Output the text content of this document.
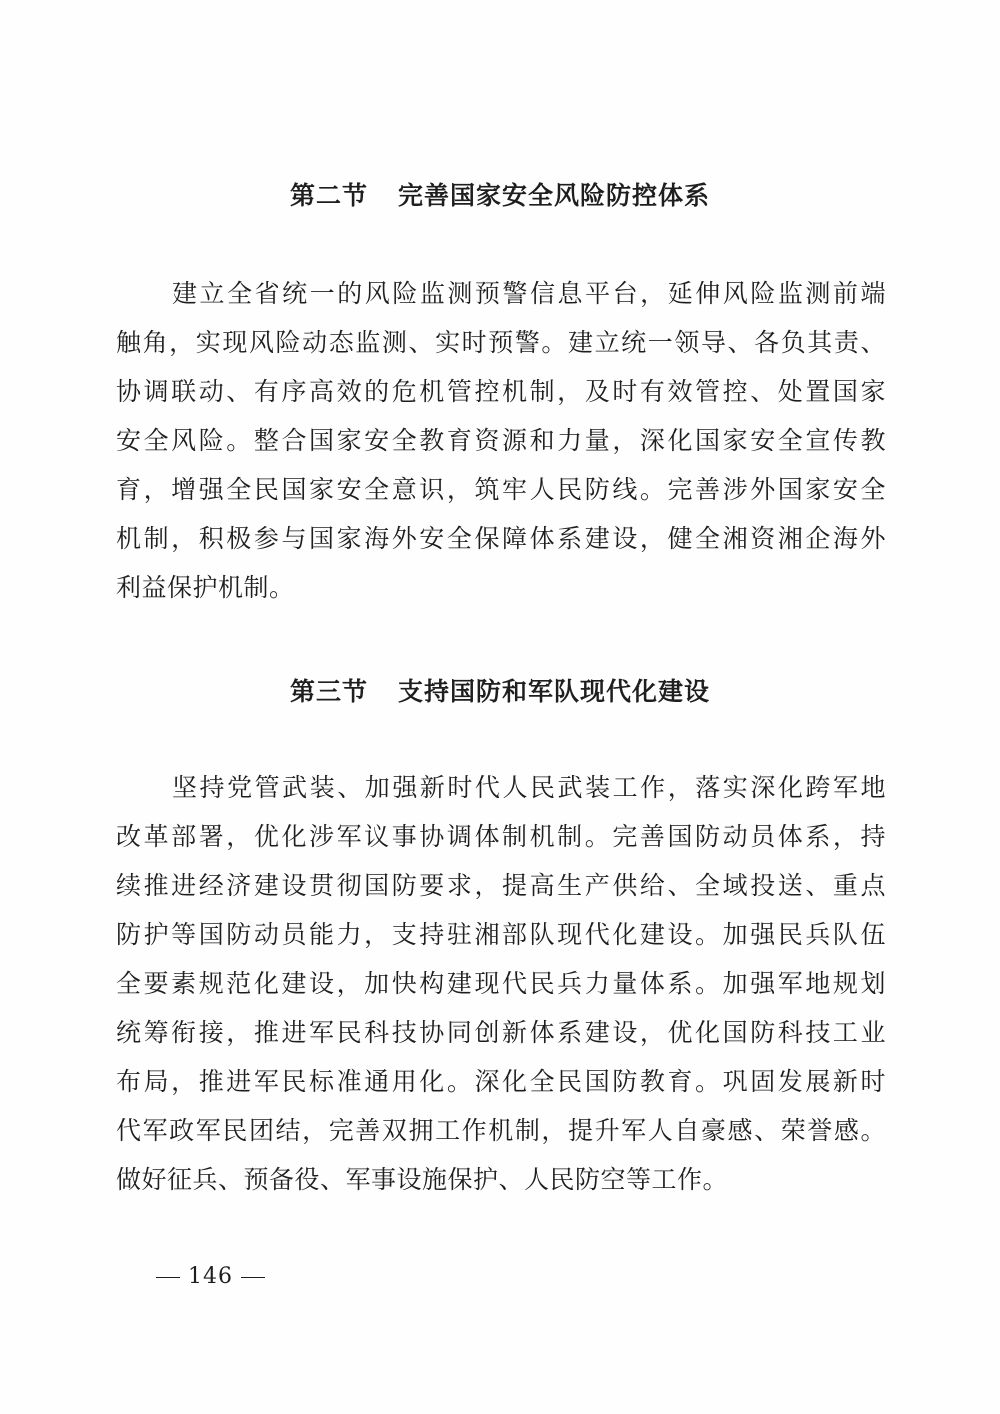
第二节 完善国家安全风险防控体系
建立全省统一的风险监测预警信息平台，延伸风险监测前端
触角，实现风险动态监测、实时预警。建立统一领导、各负其责、
协调联动、有序高效的危机管控机制，及时有效管控、处置国家
安全风险。整合国家安全教育资源和力量，深化国家安全宣传教
育，增强全民国家安全意识，筑牢人民防线。完善涉外国家安全
机制，积极参与国家海外安全保障体系建设，健全湘资湘企海外
利益保护机制。
第三节 支持国防和军队现代化建设
坚持党管武装、加强新时代人民武装工作，落实深化跨军地
改革部署，优化涉军议事协调体制机制。完善国防动员体系，持
续推进经济建设贯彻国防要求，提高生产供给、全域投送、重点
防护等国防动员能力，支持驻湘部队现代化建设。加强民兵队伍
全要素规范化建设，加快构建现代民兵力量体系。加强军地规划
统筹衔接，推进军民科技协同创新体系建设，优化国防科技工业
布局，推进军民标准通用化。深化全民国防教育。巩固发展新时
代军政军民团结，完善双拥工作机制，提升军人自豪感、荣誉感。
做好征兵、预备役、军事设施保护、人民防空等工作。
146
